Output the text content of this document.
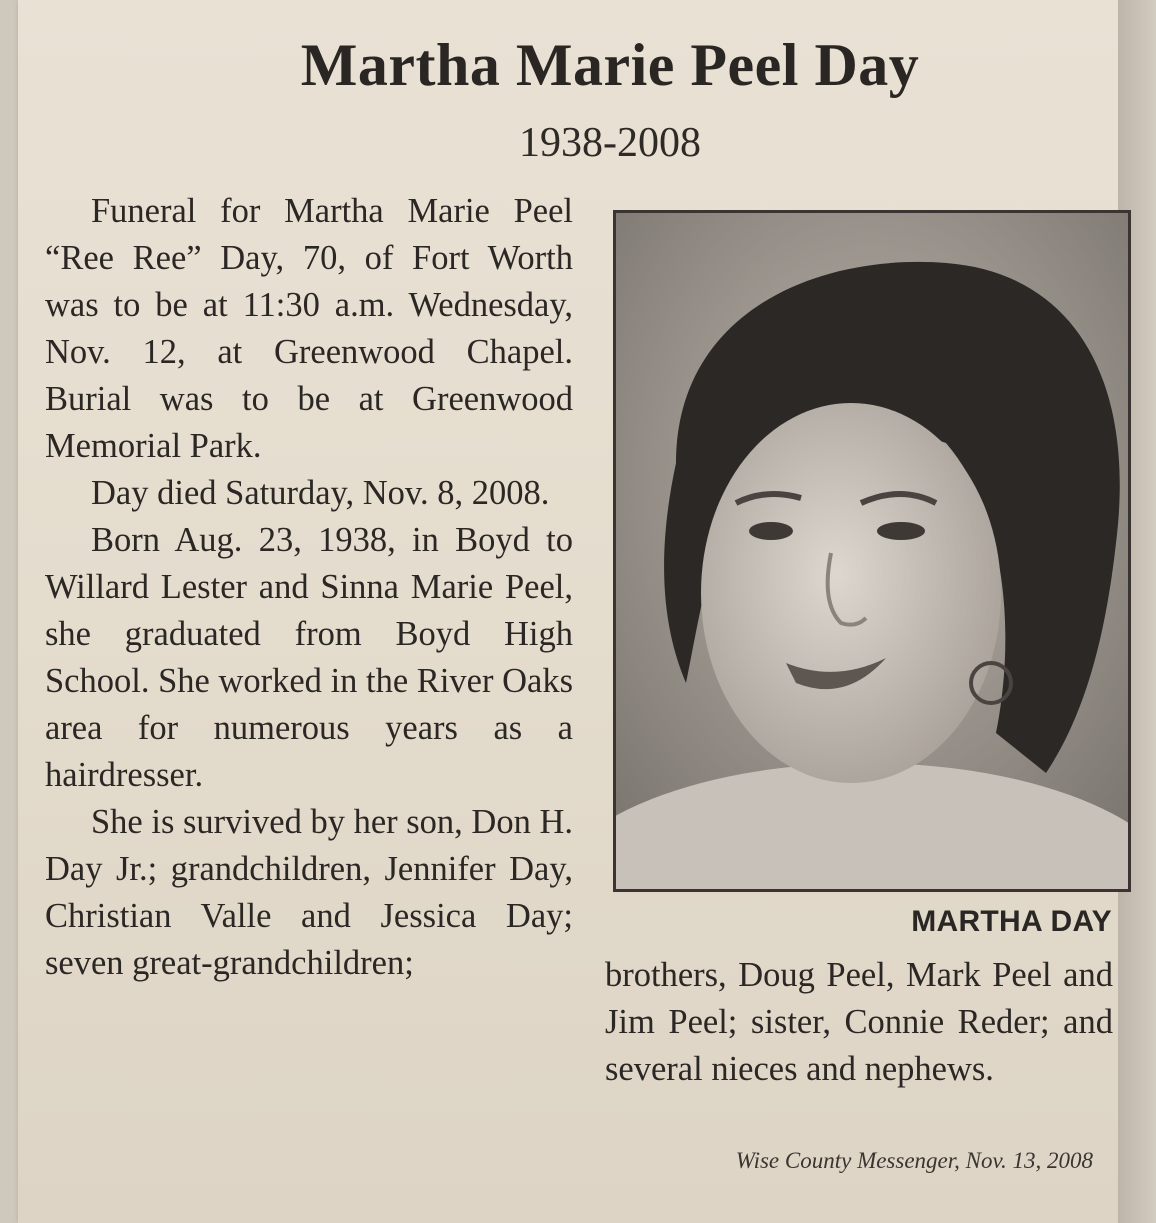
Martha Marie Peel Day
1938-2008

Funeral for Martha Marie Peel “Ree Ree” Day, 70, of Fort Worth was to be at 11:30 a.m. Wednesday, Nov. 12, at Greenwood Chapel. Burial was to be at Greenwood Memorial Park.

Day died Saturday, Nov. 8, 2008.

Born Aug. 23, 1938, in Boyd to Willard Lester and Sinna Marie Peel, she graduated from Boyd High School. She worked in the River Oaks area for numerous years as a hairdresser.

She is survived by her son, Don H. Day Jr.; grandchildren, Jennifer Day, Christian Valle and Jessica Day; seven great-grandchildren;

MARTHA DAY

brothers, Doug Peel, Mark Peel and Jim Peel; sister, Connie Reder; and several nieces and nephews.

Wise County Messenger, Nov. 13, 2008
